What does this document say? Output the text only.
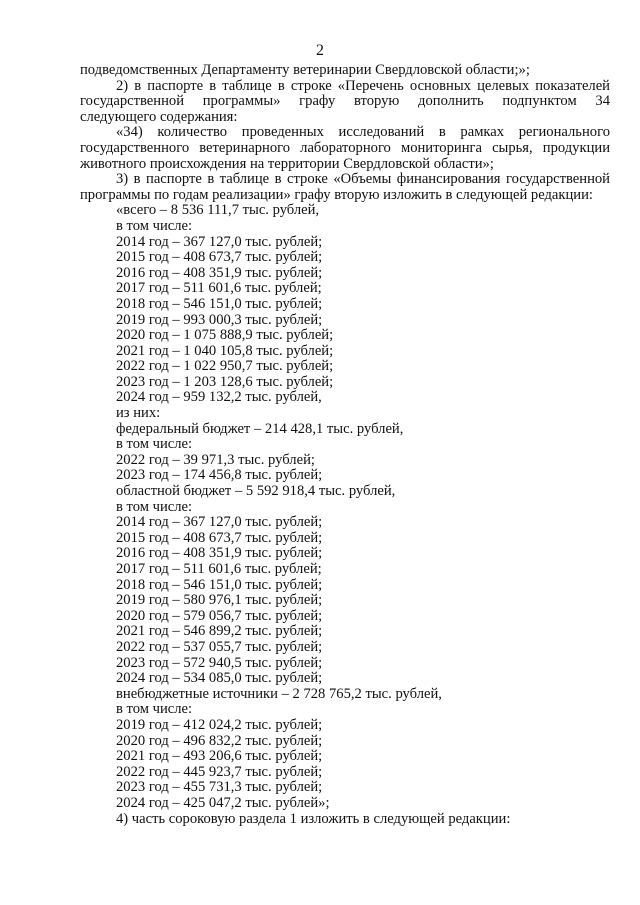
2

подведомственных Департаменту ветеринарии Свердловской области;»;

2) в паспорте в таблице в строке «Перечень основных целевых показателей

государственной программы» графу вторую дополнить подпунктом 34

следующего содержания:

«34) количество проведенных исследований в рамках регионального

государственного ветеринарного лабораторного мониторинга сырья, продукции

животного происхождения на территории Свердловской области»;

3) в паспорте в таблице в строке «Объемы финансирования государственной

программы по годам реализации» графу вторую изложить в следующей редакции:

«всего – 8 536 111,7 тыс. рублей,

в том числе:

2014 год – 367 127,0 тыс. рублей;

2015 год – 408 673,7 тыс. рублей;

2016 год – 408 351,9 тыс. рублей;

2017 год – 511 601,6 тыс. рублей;

2018 год – 546 151,0 тыс. рублей;

2019 год – 993 000,3 тыс. рублей;

2020 год – 1 075 888,9 тыс. рублей;

2021 год – 1 040 105,8 тыс. рублей;

2022 год – 1 022 950,7 тыс. рублей;

2023 год – 1 203 128,6 тыс. рублей;

2024 год – 959 132,2 тыс. рублей,

из них:

федеральный бюджет – 214 428,1 тыс. рублей,

в том числе:

2022 год – 39 971,3 тыс. рублей;

2023 год – 174 456,8 тыс. рублей;

областной бюджет – 5 592 918,4 тыс. рублей,

в том числе:

2014 год – 367 127,0 тыс. рублей;

2015 год – 408 673,7 тыс. рублей;

2016 год – 408 351,9 тыс. рублей;

2017 год – 511 601,6 тыс. рублей;

2018 год – 546 151,0 тыс. рублей;

2019 год – 580 976,1 тыс. рублей;

2020 год – 579 056,7 тыс. рублей;

2021 год – 546 899,2 тыс. рублей;

2022 год – 537 055,7 тыс. рублей;

2023 год – 572 940,5 тыс. рублей;

2024 год – 534 085,0 тыс. рублей;

внебюджетные источники – 2 728 765,2 тыс. рублей,

в том числе:

2019 год – 412 024,2 тыс. рублей;

2020 год – 496 832,2 тыс. рублей;

2021 год – 493 206,6 тыс. рублей;

2022 год – 445 923,7 тыс. рублей;

2023 год – 455 731,3 тыс. рублей;

2024 год – 425 047,2 тыс. рублей»;

4) часть сороковую раздела 1 изложить в следующей редакции:
